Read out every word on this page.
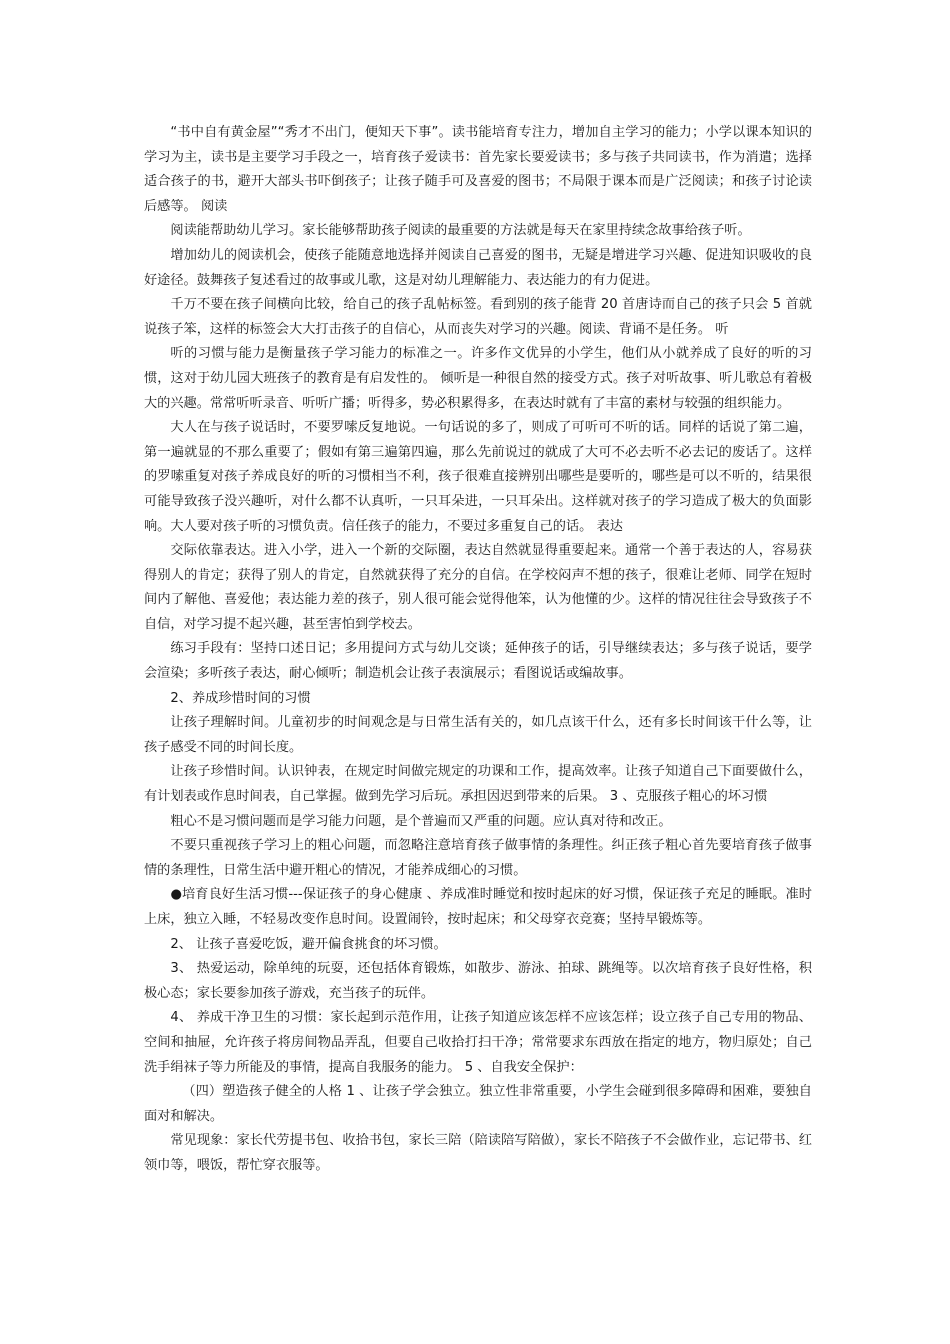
“书中自有黄金屋”“秀才不出门，便知天下事”。读书能培育专注力，增加自主学习的能力；小学以课本知识的学习为主，读书是主要学习手段之一，培育孩子爱读书：首先家长要爱读书；多与孩子共同读书，作为消遣；选择适合孩子的书，避开大部头书吓倒孩子；让孩子随手可及喜爱的图书；不局限于课本而是广泛阅读；和孩子讨论读后感等。 阅读

阅读能帮助幼儿学习。家长能够帮助孩子阅读的最重要的方法就是每天在家里持续念故事给孩子听。

增加幼儿的阅读机会，使孩子能随意地选择并阅读自己喜爱的图书，无疑是增进学习兴趣、促进知识吸收的良好途径。鼓舞孩子复述看过的故事或儿歌，这是对幼儿理解能力、表达能力的有力促进。

千万不要在孩子间横向比较，给自己的孩子乱帖标签。看到别的孩子能背 20 首唐诗而自己的孩子只会 5 首就说孩子笨，这样的标签会大大打击孩子的自信心，从而丧失对学习的兴趣。阅读、背诵不是任务。 听

听的习惯与能力是衡量孩子学习能力的标准之一。许多作文优异的小学生，他们从小就养成了良好的听的习惯，这对于幼儿园大班孩子的教育是有启发性的。 倾听是一种很自然的接受方式。孩子对听故事、听儿歌总有着极大的兴趣。常常听听录音、听听广播；听得多，势必积累得多，在表达时就有了丰富的素材与较强的组织能力。

大人在与孩子说话时，不要罗嗦反复地说。一句话说的多了，则成了可听可不听的话。同样的话说了第二遍，第一遍就显的不那么重要了；假如有第三遍第四遍，那么先前说过的就成了大可不必去听不必去记的废话了。这样的罗嗦重复对孩子养成良好的听的习惯相当不利，孩子很难直接辨别出哪些是要听的，哪些是可以不听的，结果很可能导致孩子没兴趣听，对什么都不认真听，一只耳朵进，一只耳朵出。这样就对孩子的学习造成了极大的负面影响。大人要对孩子听的习惯负责。信任孩子的能力，不要过多重复自己的话。 表达

交际依靠表达。进入小学，进入一个新的交际圈，表达自然就显得重要起来。通常一个善于表达的人，容易获得别人的肯定；获得了别人的肯定，自然就获得了充分的自信。在学校闷声不想的孩子，很难让老师、同学在短时间内了解他、喜爱他；表达能力差的孩子，别人很可能会觉得他笨，认为他懂的少。这样的情况往往会导致孩子不自信，对学习提不起兴趣，甚至害怕到学校去。

练习手段有：坚持口述日记；多用提问方式与幼儿交谈；延伸孩子的话，引导继续表达；多与孩子说话，要学会渲染；多听孩子表达，耐心倾听；制造机会让孩子表演展示；看图说话或编故事。

2、养成珍惜时间的习惯

让孩子理解时间。儿童初步的时间观念是与日常生活有关的，如几点该干什么，还有多长时间该干什么等，让孩子感受不同的时间长度。

让孩子珍惜时间。认识钟表，在规定时间做完规定的功课和工作，提高效率。让孩子知道自己下面要做什么，有计划表或作息时间表，自己掌握。做到先学习后玩。承担因迟到带来的后果。 3 、克服孩子粗心的坏习惯

粗心不是习惯问题而是学习能力问题，是个普遍而又严重的问题。应认真对待和改正。

不要只重视孩子学习上的粗心问题，而忽略注意培育孩子做事情的条理性。纠正孩子粗心首先要培育孩子做事情的条理性，日常生活中避开粗心的情况，才能养成细心的习惯。

●培育良好生活习惯---保证孩子的身心健康 、养成准时睡觉和按时起床的好习惯，保证孩子充足的睡眠。准时上床，独立入睡，不轻易改变作息时间。设置闹铃，按时起床；和父母穿衣竞赛；坚持早锻炼等。

2、 让孩子喜爱吃饭，避开偏食挑食的坏习惯。

3、 热爱运动，除单纯的玩耍，还包括体育锻炼，如散步、游泳、拍球、跳绳等。以次培育孩子良好性格，积极心态；家长要参加孩子游戏，充当孩子的玩伴。

4、 养成干净卫生的习惯：家长起到示范作用，让孩子知道应该怎样不应该怎样；设立孩子自己专用的物品、空间和抽屉，允许孩子将房间物品弄乱，但要自己收拾打扫干净；常常要求东西放在指定的地方，物归原处；自己洗手绢袜子等力所能及的事情，提高自我服务的能力。 5 、自我安全保护：

（四）塑造孩子健全的人格 1 、让孩子学会独立。独立性非常重要，小学生会碰到很多障碍和困难，要独自面对和解决。

常见现象：家长代劳提书包、收拾书包，家长三陪（陪读陪写陪做），家长不陪孩子不会做作业，忘记带书、红领巾等，喂饭，帮忙穿衣服等。
